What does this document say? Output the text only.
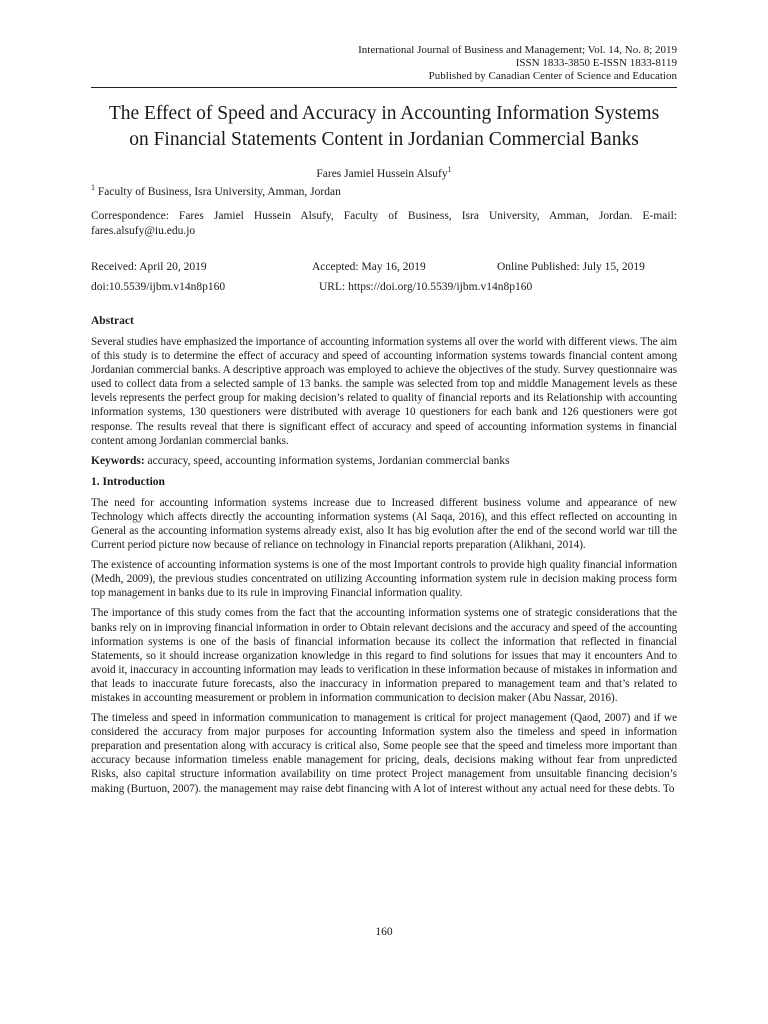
International Journal of Business and Management; Vol. 14, No. 8; 2019
ISSN 1833-3850 E-ISSN 1833-8119
Published by Canadian Center of Science and Education
The Effect of Speed and Accuracy in Accounting Information Systems on Financial Statements Content in Jordanian Commercial Banks
Fares Jamiel Hussein Alsufy$^1$
$^1$ Faculty of Business, Isra University, Amman, Jordan
Correspondence: Fares Jamiel Hussein Alsufy, Faculty of Business, Isra University, Amman, Jordan. E-mail: fares.alsufy@iu.edu.jo
Received: April 20, 2019	Accepted: May 16, 2019	Online Published: July 15, 2019
doi:10.5539/ijbm.v14n8p160	URL: https://doi.org/10.5539/ijbm.v14n8p160
Abstract

Several studies have emphasized the importance of accounting information systems all over the world with different views. The aim of this study is to determine the effect of accuracy and speed of accounting information systems towards financial content among Jordanian commercial banks. A descriptive approach was employed to achieve the objectives of the study. Survey questionnaire was used to collect data from a selected sample of 13 banks. the sample was selected from top and middle Management levels as these levels represents the perfect group for making decision’s related to quality of financial reports and its Relationship with accounting information systems, 130 questioners were distributed with average 10 questioners for each bank and 126 questioners were got response. The results reveal that there is significant effect of accuracy and speed of accounting information systems in financial content among Jordanian commercial banks.

Keywords: accuracy, speed, accounting information systems, Jordanian commercial banks
1. Introduction

The need for accounting information systems increase due to Increased different business volume and appearance of new Technology which affects directly the accounting information systems (Al Saqa, 2016), and this effect reflected on accounting in General as the accounting information systems already exist, also It has big evolution after the end of the second world war till the Current period picture now because of reliance on technology in Financial reports preparation (Alikhani, 2014).

The existence of accounting information systems is one of the most Important controls to provide high quality financial information (Medh, 2009), the previous studies concentrated on utilizing Accounting information system rule in decision making process form top management in banks due to its rule in improving Financial information quality.

The importance of this study comes from the fact that the accounting information systems one of strategic considerations that the banks rely on in improving financial information in order to Obtain relevant decisions and the accuracy and speed of the accounting information systems is one of the basis of financial information because its collect the information that reflected in financial Statements, so it should increase organization knowledge in this regard to find solutions for issues that may it encounters And to avoid it, inaccuracy in accounting information may leads to verification in these information because of mistakes in information and that leads to inaccurate future forecasts, also the inaccuracy in information prepared to management team and that’s related to mistakes in accounting measurement or problem in information communication to decision maker (Abu Nassar, 2016).

The timeless and speed in information communication to management is critical for project management (Qaod, 2007) and if we considered the accuracy from major purposes for accounting Information system also the timeless and speed in information preparation and presentation along with accuracy is critical also, Some people see that the speed and timeless more important than accuracy because information timeless enable management for pricing, deals, decisions making without fear from unpredicted Risks, also capital structure information availability on time protect Project management from unsuitable financing decision’s making (Burtuon, 2007). the management may raise debt financing with A lot of interest without any actual need for these debts. To

160
